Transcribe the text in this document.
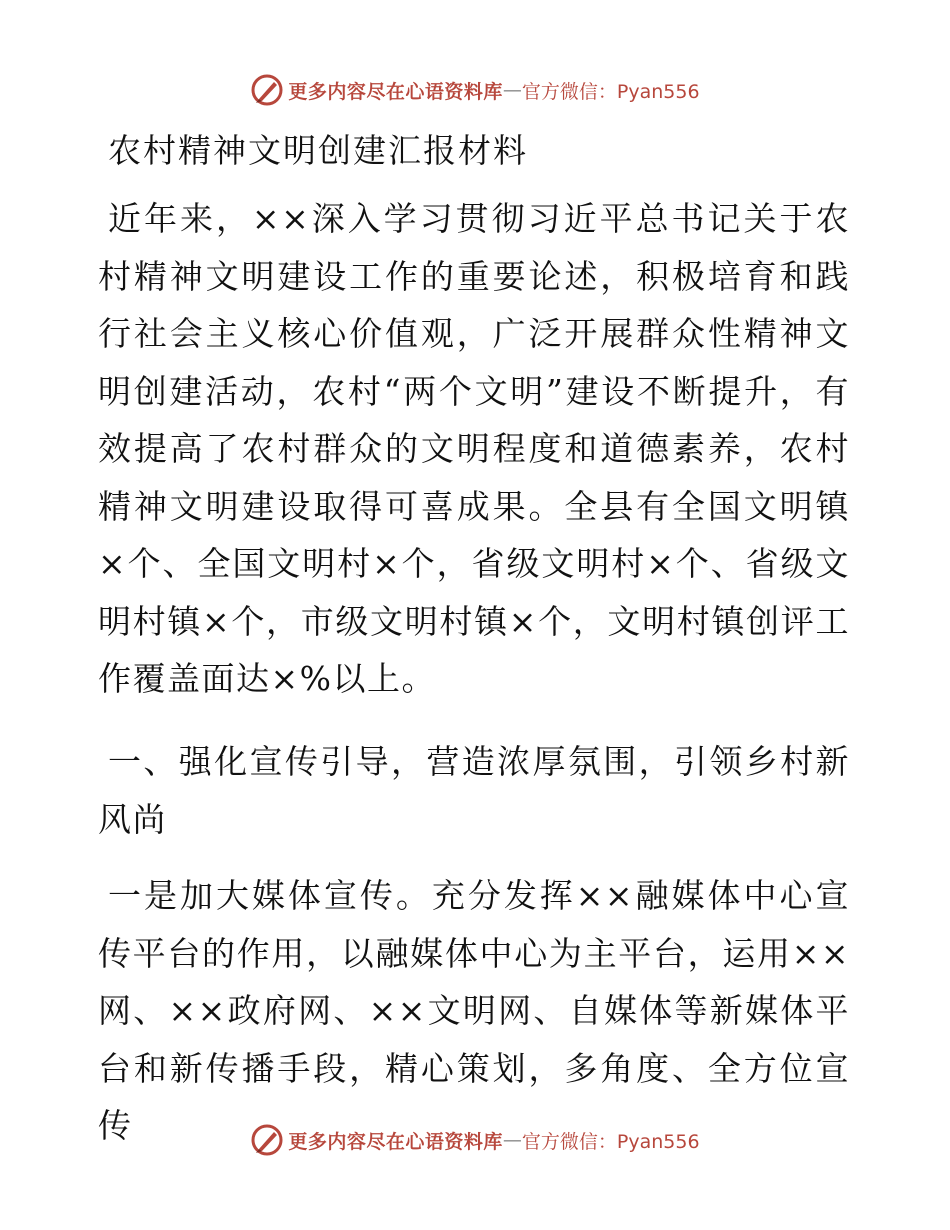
更多内容尽在心语资料库 — 官方微信：Pyan556
农村精神文明创建汇报材料

近年来，××深入学习贯彻习近平总书记关于农村精神文明建设工作的重要论述，积极培育和践行社会主义核心价值观，广泛开展群众性精神文明创建活动，农村“两个文明”建设不断提升，有效提高了农村群众的文明程度和道德素养，农村精神文明建设取得可喜成果。全县有全国文明镇×个、全国文明村×个，省级文明村×个、省级文明村镇×个，市级文明村镇×个，文明村镇创评工作覆盖面达×%以上。

一、强化宣传引导，营造浓厚氛围，引领乡村新风尚

一是加大媒体宣传。充分发挥××融媒体中心宣传平台的作用，以融媒体中心为主平台，运用××网、××政府网、××文明网、自媒体等新媒体平台和新传播手段，精心策划，多角度、全方位宣传	更多内容尽在心语资料库 — 官方微信：Pyan556
